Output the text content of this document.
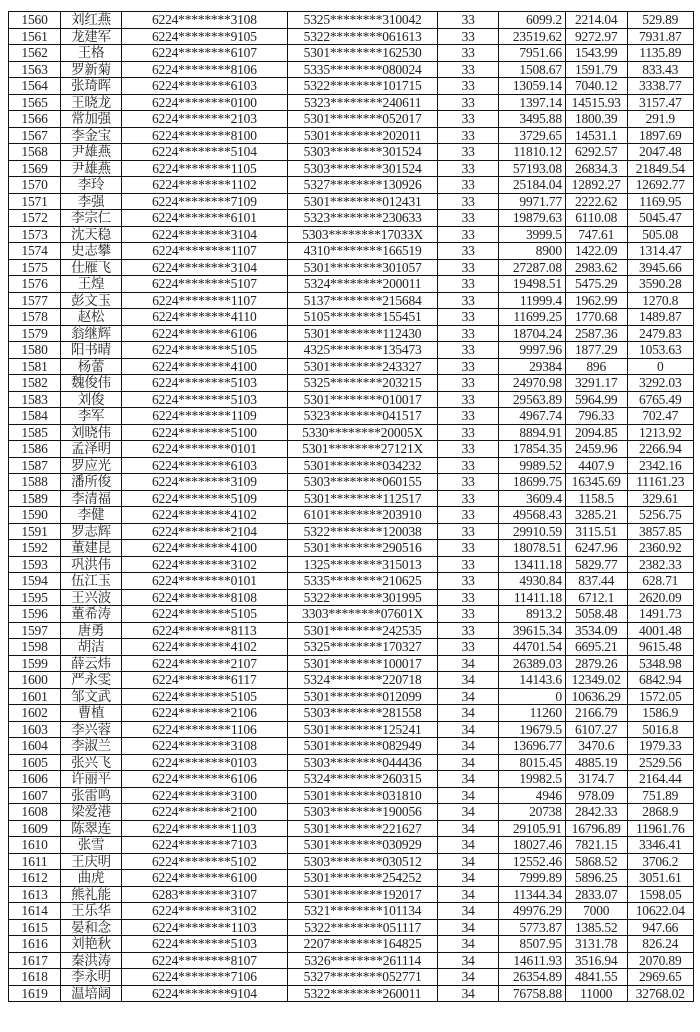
1560	刘红燕	6224********3108	5325********310042	33	6099.2	2214.04	529.89
1561	龙建军	6224********9105	5322********061613	33	23519.62	9272.97	7931.87
1562	王格	6224********6107	5301********162530	33	7951.66	1543.99	1135.89
1563	罗新菊	6224********8106	5335********080024	33	1508.67	1591.79	833.43
1564	张琦晖	6224********6103	5322********101715	33	13059.14	7040.12	3338.77
1565	王晓龙	6224********0100	5323********240611	33	1397.14	14515.93	3157.47
1566	常加强	6224********2103	5301********052017	33	3495.88	1800.39	291.9
1567	李金宝	6224********8100	5301********202011	33	3729.65	14531.1	1897.69
1568	尹雄燕	6224********5104	5303********301524	33	11810.12	6292.57	2047.48
1569	尹雄燕	6224********1105	5303********301524	33	57193.08	26834.3	21849.54
1570	李玲	6224********1102	5327********130926	33	25184.04	12892.27	12692.77
1571	李强	6224********7109	5301********012431	33	9971.77	2222.62	1169.95
1572	李宗仁	6224********6101	5323********230633	33	19879.63	6110.08	5045.47
1573	沈天稳	6224********3104	5303********17033X	33	3999.5	747.61	505.08
1574	史志攀	6224********1107	4310********166519	33	8900	1422.09	1314.47
1575	仕雁飞	6224********3104	5301********301057	33	27287.08	2983.62	3945.66
1576	王煌	6224********5107	5324********200011	33	19498.51	5475.29	3590.28
1577	彭文玉	6224********1107	5137********215684	33	11999.4	1962.99	1270.8
1578	赵松	6224********4110	5105********155451	33	11699.25	1770.68	1489.87
1579	翁继辉	6224********6106	5301********112430	33	18704.24	2587.36	2479.83
1580	阳书晴	6224********5105	4325********135473	33	9997.96	1877.29	1053.63
1581	杨蕾	6224********4100	5301********243327	33	29384	896	0
1582	魏俊伟	6224********5103	5325********203215	33	24970.98	3291.17	3292.03
1583	刘俊	6224********5103	5301********010017	33	29563.89	5964.99	6765.49
1584	李军	6224********1109	5323********041517	33	4967.74	796.33	702.47
1585	刘晓伟	6224********5100	5330********20005X	33	8894.91	2094.85	1213.92
1586	孟泽明	6224********0101	5301********27121X	33	17854.35	2459.96	2266.94
1587	罗应光	6224********6103	5301********034232	33	9989.52	4407.9	2342.16
1588	潘所俊	6224********3109	5303********060155	33	18699.75	16345.69	11161.23
1589	李清福	6224********5109	5301********112517	33	3609.4	1158.5	329.61
1590	李健	6224********4102	6101********203910	33	49568.43	3285.21	5256.75
1591	罗志辉	6224********2104	5322********120038	33	29910.59	3115.51	3857.85
1592	董建昆	6224********4100	5301********290516	33	18078.51	6247.96	2360.92
1593	巩洪伟	6224********3102	1325********315013	33	13411.18	5829.77	2382.33
1594	伍江玉	6224********0101	5335********210625	33	4930.84	837.44	628.71
1595	王兴波	6224********8108	5322********301995	33	11411.18	6712.1	2620.09
1596	董希涛	6224********5105	3303********07601X	33	8913.2	5058.48	1491.73
1597	唐勇	6224********8113	5301********242535	33	39615.34	3534.09	4001.48
1598	胡洁	6224********4102	5325********170327	33	44701.54	6695.21	9615.48
1599	薛云炜	6224********2107	5301********100017	34	26389.03	2879.26	5348.98
1600	严永雯	6224********6117	5324********220718	34	14143.6	12349.02	6842.94
1601	邹文武	6224********5105	5301********012099	34	0	10636.29	1572.05
1602	曹植	6224********2106	5303********281558	34	11260	2166.79	1586.9
1603	李兴蓉	6224********1106	5301********125241	34	19679.5	6107.27	5016.8
1604	李淑兰	6224********3108	5301********082949	34	13696.77	3470.6	1979.33
1605	张兴飞	6224********0103	5303********044436	34	8015.45	4885.19	2529.56
1606	许丽平	6224********6106	5324********260315	34	19982.5	3174.7	2164.44
1607	张雷鸣	6224********3100	5301********031810	34	4946	978.09	751.89
1608	梁爱港	6224********2100	5303********190056	34	20738	2842.33	2868.9
1609	陈翠连	6224********1103	5301********221627	34	29105.91	16796.89	11961.76
1610	张雪	6224********7103	5301********030929	34	18027.46	7821.15	3346.41
1611	王庆明	6224********5102	5303********030512	34	12552.46	5868.52	3706.2
1612	曲虎	6224********6100	5301********254252	34	7999.89	5896.25	3051.61
1613	熊礼能	6283********3107	5301********192017	34	11344.34	2833.07	1598.05
1614	王乐华	6224********3102	5321********101134	34	49976.29	7000	10622.04
1615	晏和念	6224********1103	5322********051117	34	5773.87	1385.52	947.66
1616	刘艳秋	6224********5103	2207********164825	34	8507.95	3131.78	826.24
1617	秦洪涛	6224********8107	5326********261114	34	14611.93	3516.94	2070.89
1618	李永明	6224********7106	5327********052771	34	26354.89	4841.55	2969.65
1619	温培阔	6224********9104	5322********260011	34	76758.88	11000	32768.02
